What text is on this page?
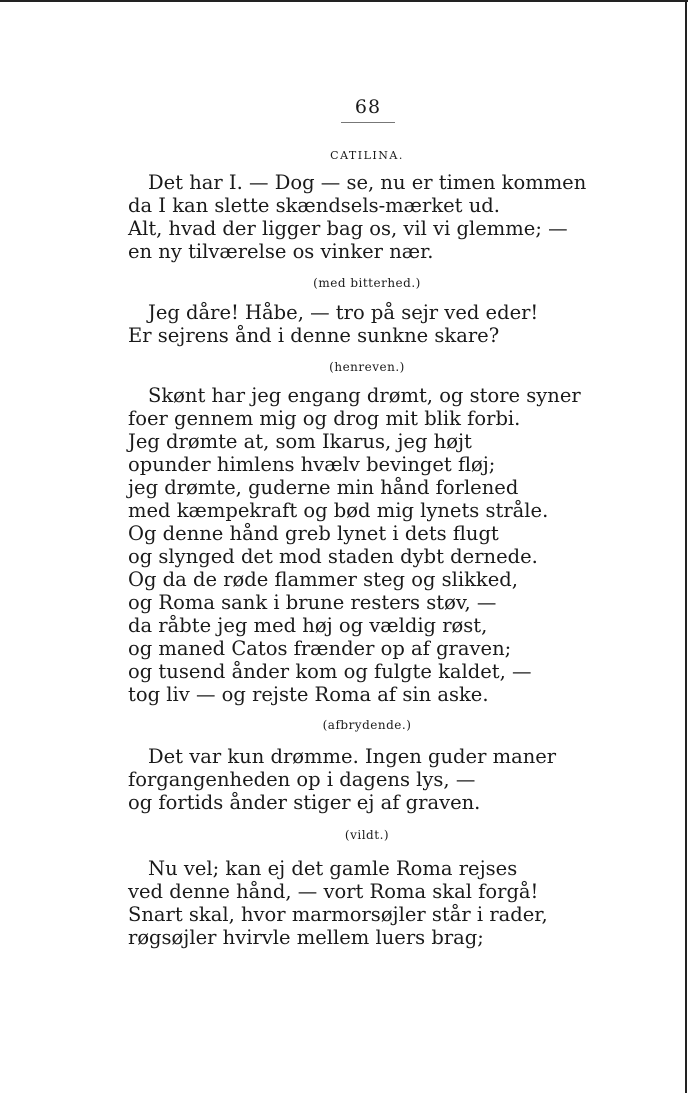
68
CATILINA.
Det har I. — Dog — se, nu er timen kommen
da I kan slette skændsels-mærket ud.
Alt, hvad der ligger bag os, vil vi glemme; —
en ny tilværelse os vinker nær.
(med bitterhed.)
Jeg dåre! Håbe, — tro på sejr ved eder!
Er sejrens ånd i denne sunkne skare?
(henreven.)
Skønt har jeg engang drømt, og store syner
foer gennem mig og drog mit blik forbi.
Jeg drømte at, som Ikarus, jeg højt
opunder himlens hvælv bevinget fløj;
jeg drømte, guderne min hånd forlened
med kæmpekraft og bød mig lynets stråle.
Og denne hånd greb lynet i dets flugt
og slynged det mod staden dybt dernede.
Og da de røde flammer steg og slikked,
og Roma sank i brune resters støv, —
da råbte jeg med høj og vældig røst,
og maned Catos frænder op af graven;
og tusend ånder kom og fulgte kaldet, —
tog liv — og rejste Roma af sin aske.
(afbrydende.)
Det var kun drømme. Ingen guder maner
forgangenheden op i dagens lys, —
og fortids ånder stiger ej af graven.
(vildt.)
Nu vel; kan ej det gamle Roma rejses
ved denne hånd, — vort Roma skal forgå!
Snart skal, hvor marmorsøjler står i rader,
røgsøjler hvirvle mellem luers brag;
